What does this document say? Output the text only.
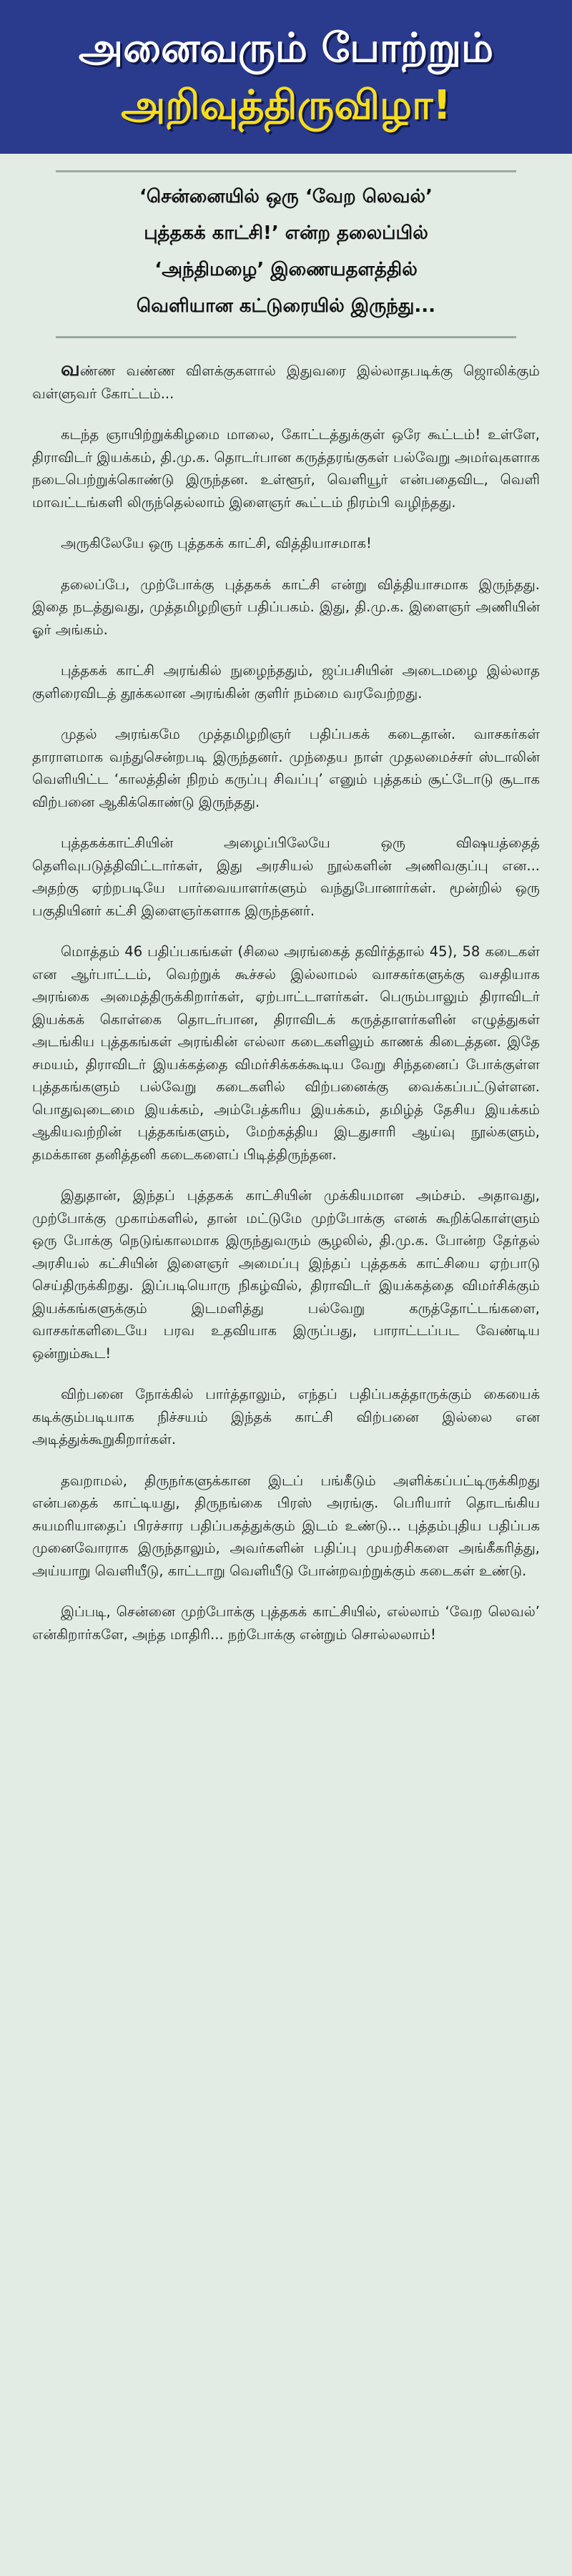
அனைவரும் போற்றும்
அறிவுத்திருவிழா!
‘சென்னையில் ஒரு ‘வேற லெவல்’
புத்தகக் காட்சி!’ என்ற தலைப்பில்
‘அந்திமழை’ இணையதளத்தில்
வெளியான கட்டுரையில் இருந்து...

வண்ண வண்ண விளக்குகளால் இதுவரை இல்லாதபடிக்கு ஜொலிக்கும் வள்ளுவர் கோட்டம்...

கடந்த ஞாயிற்றுக்கிழமை மாலை, கோட்டத்துக்குள் ஒரே கூட்டம்! உள்ளே, திராவிடர் இயக்கம், தி.மு.க. தொடர்பான கருத்தரங்குகள் பல்வேறு அமர்வுகளாக நடைபெற்றுக்கொண்டு இருந்தன. உள்ளூர், வெளியூர் என்பதைவிட, வெளி மாவட்டங்களி லிருந்தெல்லாம் இளைஞர் கூட்டம் நிரம்பி வழிந்தது.

அருகிலேயே ஒரு புத்தகக் காட்சி, வித்தியாசமாக!

தலைப்பே, முற்போக்கு புத்தகக் காட்சி என்று வித்தியாசமாக இருந்தது. இதை நடத்துவது, முத்தமிழறிஞர் பதிப்பகம். இது, தி.மு.க. இளைஞர் அணியின் ஓர் அங்கம்.

புத்தகக் காட்சி அரங்கில் நுழைந்ததும், ஜப்பசியின் அடைமழை இல்லாத குளிரைவிடத் தூக்கலான அரங்கின் குளிர் நம்மை வரவேற்றது.

முதல் அரங்கமே முத்தமிழறிஞர் பதிப்பகக் கடைதான். வாசகர்கள் தாராளமாக வந்துசென்றபடி இருந்தனர். முந்தைய நாள் முதலமைச்சர் ஸ்டாலின் வெளியிட்ட ‘காலத்தின் நிறம் கருப்பு சிவப்பு’ எனும் புத்தகம் சூட்டோடு சூடாக விற்பனை ஆகிக்கொண்டு இருந்தது.

புத்தகக்காட்சியின் அழைப்பிலேயே ஒரு விஷயத்தைத் தெளிவுபடுத்திவிட்டார்கள், இது அரசியல் நூல்களின் அணிவகுப்பு என... அதற்கு ஏற்றபடியே பார்வையாளர்களும் வந்துபோனார்கள். மூன்றில் ஒரு பகுதியினர் கட்சி இளைஞர்களாக இருந்தனர்.

மொத்தம் 46 பதிப்பகங்கள் (சிலை அரங்கைத் தவிர்த்தால் 45), 58 கடைகள் என ஆர்பாட்டம், வெற்றுக் கூச்சல் இல்லாமல் வாசகர்களுக்கு வசதியாக அரங்கை அமைத்திருக்கிறார்கள், ஏற்பாட்டாளர்கள். பெரும்பாலும் திராவிடர் இயக்கக் கொள்கை தொடர்பான, திராவிடக் கருத்தாளர்களின் எழுத்துகள் அடங்கிய புத்தகங்கள் அரங்கின் எல்லா கடைகளிலும் காணக் கிடைத்தன. இதே சமயம், திராவிடர் இயக்கத்தை விமர்சிக்கக்கூடிய வேறு சிந்தனைப் போக்குள்ள புத்தகங்களும் பல்வேறு கடைகளில் விற்பனைக்கு வைக்கப்பட்டுள்ளன. பொதுவுடைமை இயக்கம், அம்பேத்கரிய இயக்கம், தமிழ்த் தேசிய இயக்கம் ஆகியவற்றின் புத்தகங்களும், மேற்கத்திய இடதுசாரி ஆய்வு நூல்களும், தமக்கான தனித்தனி கடைகளைப் பிடித்திருந்தன.

இதுதான், இந்தப் புத்தகக் காட்சியின் முக்கியமான அம்சம். அதாவது, முற்போக்கு முகாம்களில், தான் மட்டுமே முற்போக்கு எனக் கூறிக்கொள்ளும் ஒரு போக்கு நெடுங்காலமாக இருந்துவரும் சூழலில், தி.மு.க. போன்ற தேர்தல் அரசியல் கட்சியின் இளைஞர் அமைப்பு இந்தப் புத்தகக் காட்சியை ஏற்பாடு செய்திருக்கிறது. இப்படியொரு நிகழ்வில், திராவிடர் இயக்கத்தை விமர்சிக்கும் இயக்கங்களுக்கும் இடமளித்து பல்வேறு கருத்தோட்டங்களை, வாசகர்களிடையே பரவ உதவியாக இருப்பது, பாராட்டப்பட வேண்டிய ஒன்றும்கூட!

விற்பனை நோக்கில் பார்த்தாலும், எந்தப் பதிப்பகத்தாருக்கும் கையைக் கடிக்கும்படியாக நிச்சயம் இந்தக் காட்சி விற்பனை இல்லை என அடித்துக்கூறுகிறார்கள்.

தவறாமல், திருநர்களுக்கான இடப் பங்கீடும் அளிக்கப்பட்டிருக்கிறது என்பதைக் காட்டியது, திருநங்கை பிரஸ் அரங்கு. பெரியார் தொடங்கிய சுயமரியாதைப் பிரச்சார பதிப்பகத்துக்கும் இடம் உண்டு... புத்தம்புதிய பதிப்பக முனைவோராக இருந்தாலும், அவர்களின் பதிப்பு முயற்சிகளை அங்கீகரித்து, அய்யாறு வெளியீடு, காட்டாறு வெளியீடு போன்றவற்றுக்கும் கடைகள் உண்டு.

இப்படி, சென்னை முற்போக்கு புத்தகக் காட்சியில், எல்லாம் ‘வேற லெவல்’ என்கிறார்களே, அந்த மாதிரி... நற்போக்கு என்றும் சொல்லலாம்!
